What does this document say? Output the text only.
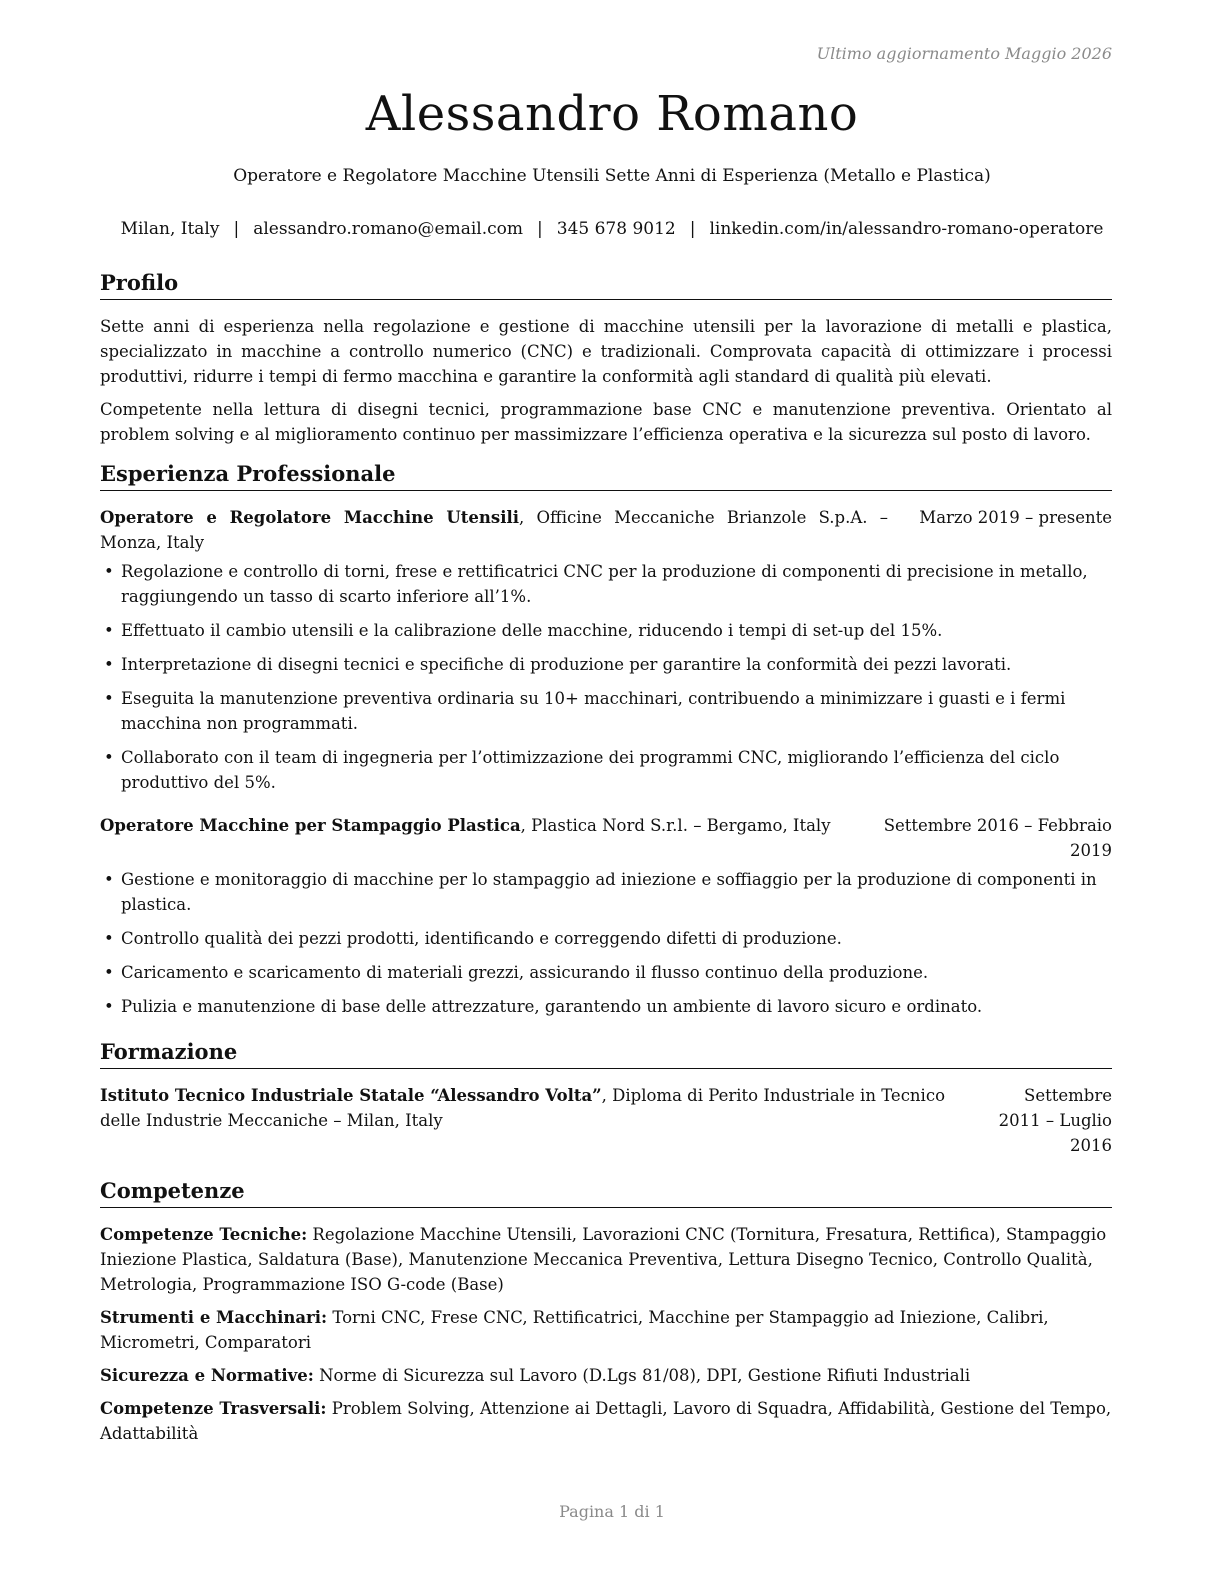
Ultimo aggiornamento Maggio 2026
Alessandro Romano
Operatore e Regolatore Macchine Utensili Sette Anni di Esperienza (Metallo e Plastica)
Milan, Italy | alessandro.romano@email.com | 345 678 9012 | linkedin.com/in/alessandro-romano-operatore
Profilo

Sette anni di esperienza nella regolazione e gestione di macchine utensili per la lavorazione di metalli e plastica, specializzato in macchine a controllo numerico (CNC) e tradizionali. Comprovata capacità di ottimizzare i processi produttivi, ridurre i tempi di fermo macchina e garantire la conformità agli standard di qualità più elevati.

Competente nella lettura di disegni tecnici, programmazione base CNC e manutenzione preventiva. Orientato al problem solving e al miglioramento continuo per massimizzare l’efficienza operativa e la sicurezza sul posto di lavoro.

Esperienza Professionale
Operatore e Regolatore Macchine Utensili, Officine Meccaniche Brianzole S.p.A. – Monza, Italy
Marzo 2019 – presente
• Regolazione e controllo di torni, frese e rettificatrici CNC per la produzione di componenti di precisione in metallo, raggiungendo un tasso di scarto inferiore all’1%.
• Effettuato il cambio utensili e la calibrazione delle macchine, riducendo i tempi di set-up del 15%.
• Interpretazione di disegni tecnici e specifiche di produzione per garantire la conformità dei pezzi lavorati.
• Eseguita la manutenzione preventiva ordinaria su 10+ macchinari, contribuendo a minimizzare i guasti e i fermi macchina non programmati.
• Collaborato con il team di ingegneria per l’ottimizzazione dei programmi CNC, migliorando l’efficienza del ciclo produttivo del 5%.
Operatore Macchine per Stampaggio Plastica, Plastica Nord S.r.l. – Bergamo, Italy	Settembre 2016 – Febbraio 2019
• Gestione e monitoraggio di macchine per lo stampaggio ad iniezione e soffiaggio per la produzione di componenti in plastica.
• Controllo qualità dei pezzi prodotti, identificando e correggendo difetti di produzione.
• Caricamento e scaricamento di materiali grezzi, assicurando il flusso continuo della produzione.
• Pulizia e manutenzione di base delle attrezzature, garantendo un ambiente di lavoro sicuro e ordinato.
Formazione
Istituto Tecnico Industriale Statale “Alessandro Volta”, Diploma di Perito Industriale in Tecnico delle Industrie Meccaniche – Milan, Italy
Settembre 2011 – Luglio 2016
Competenze

Competenze Tecniche: Regolazione Macchine Utensili, Lavorazioni CNC (Tornitura, Fresatura, Rettifica), Stampaggio Iniezione Plastica, Saldatura (Base), Manutenzione Meccanica Preventiva, Lettura Disegno Tecnico, Controllo Qualità, Metrologia, Programmazione ISO G-code (Base)

Strumenti e Macchinari: Torni CNC, Frese CNC, Rettificatrici, Macchine per Stampaggio ad Iniezione, Calibri, Micrometri, Comparatori

Sicurezza e Normative: Norme di Sicurezza sul Lavoro (D.Lgs 81/08), DPI, Gestione Rifiuti Industriali

Competenze Trasversali: Problem Solving, Attenzione ai Dettagli, Lavoro di Squadra, Affidabilità, Gestione del Tempo, Adattabilità

Pagina 1 di 1
